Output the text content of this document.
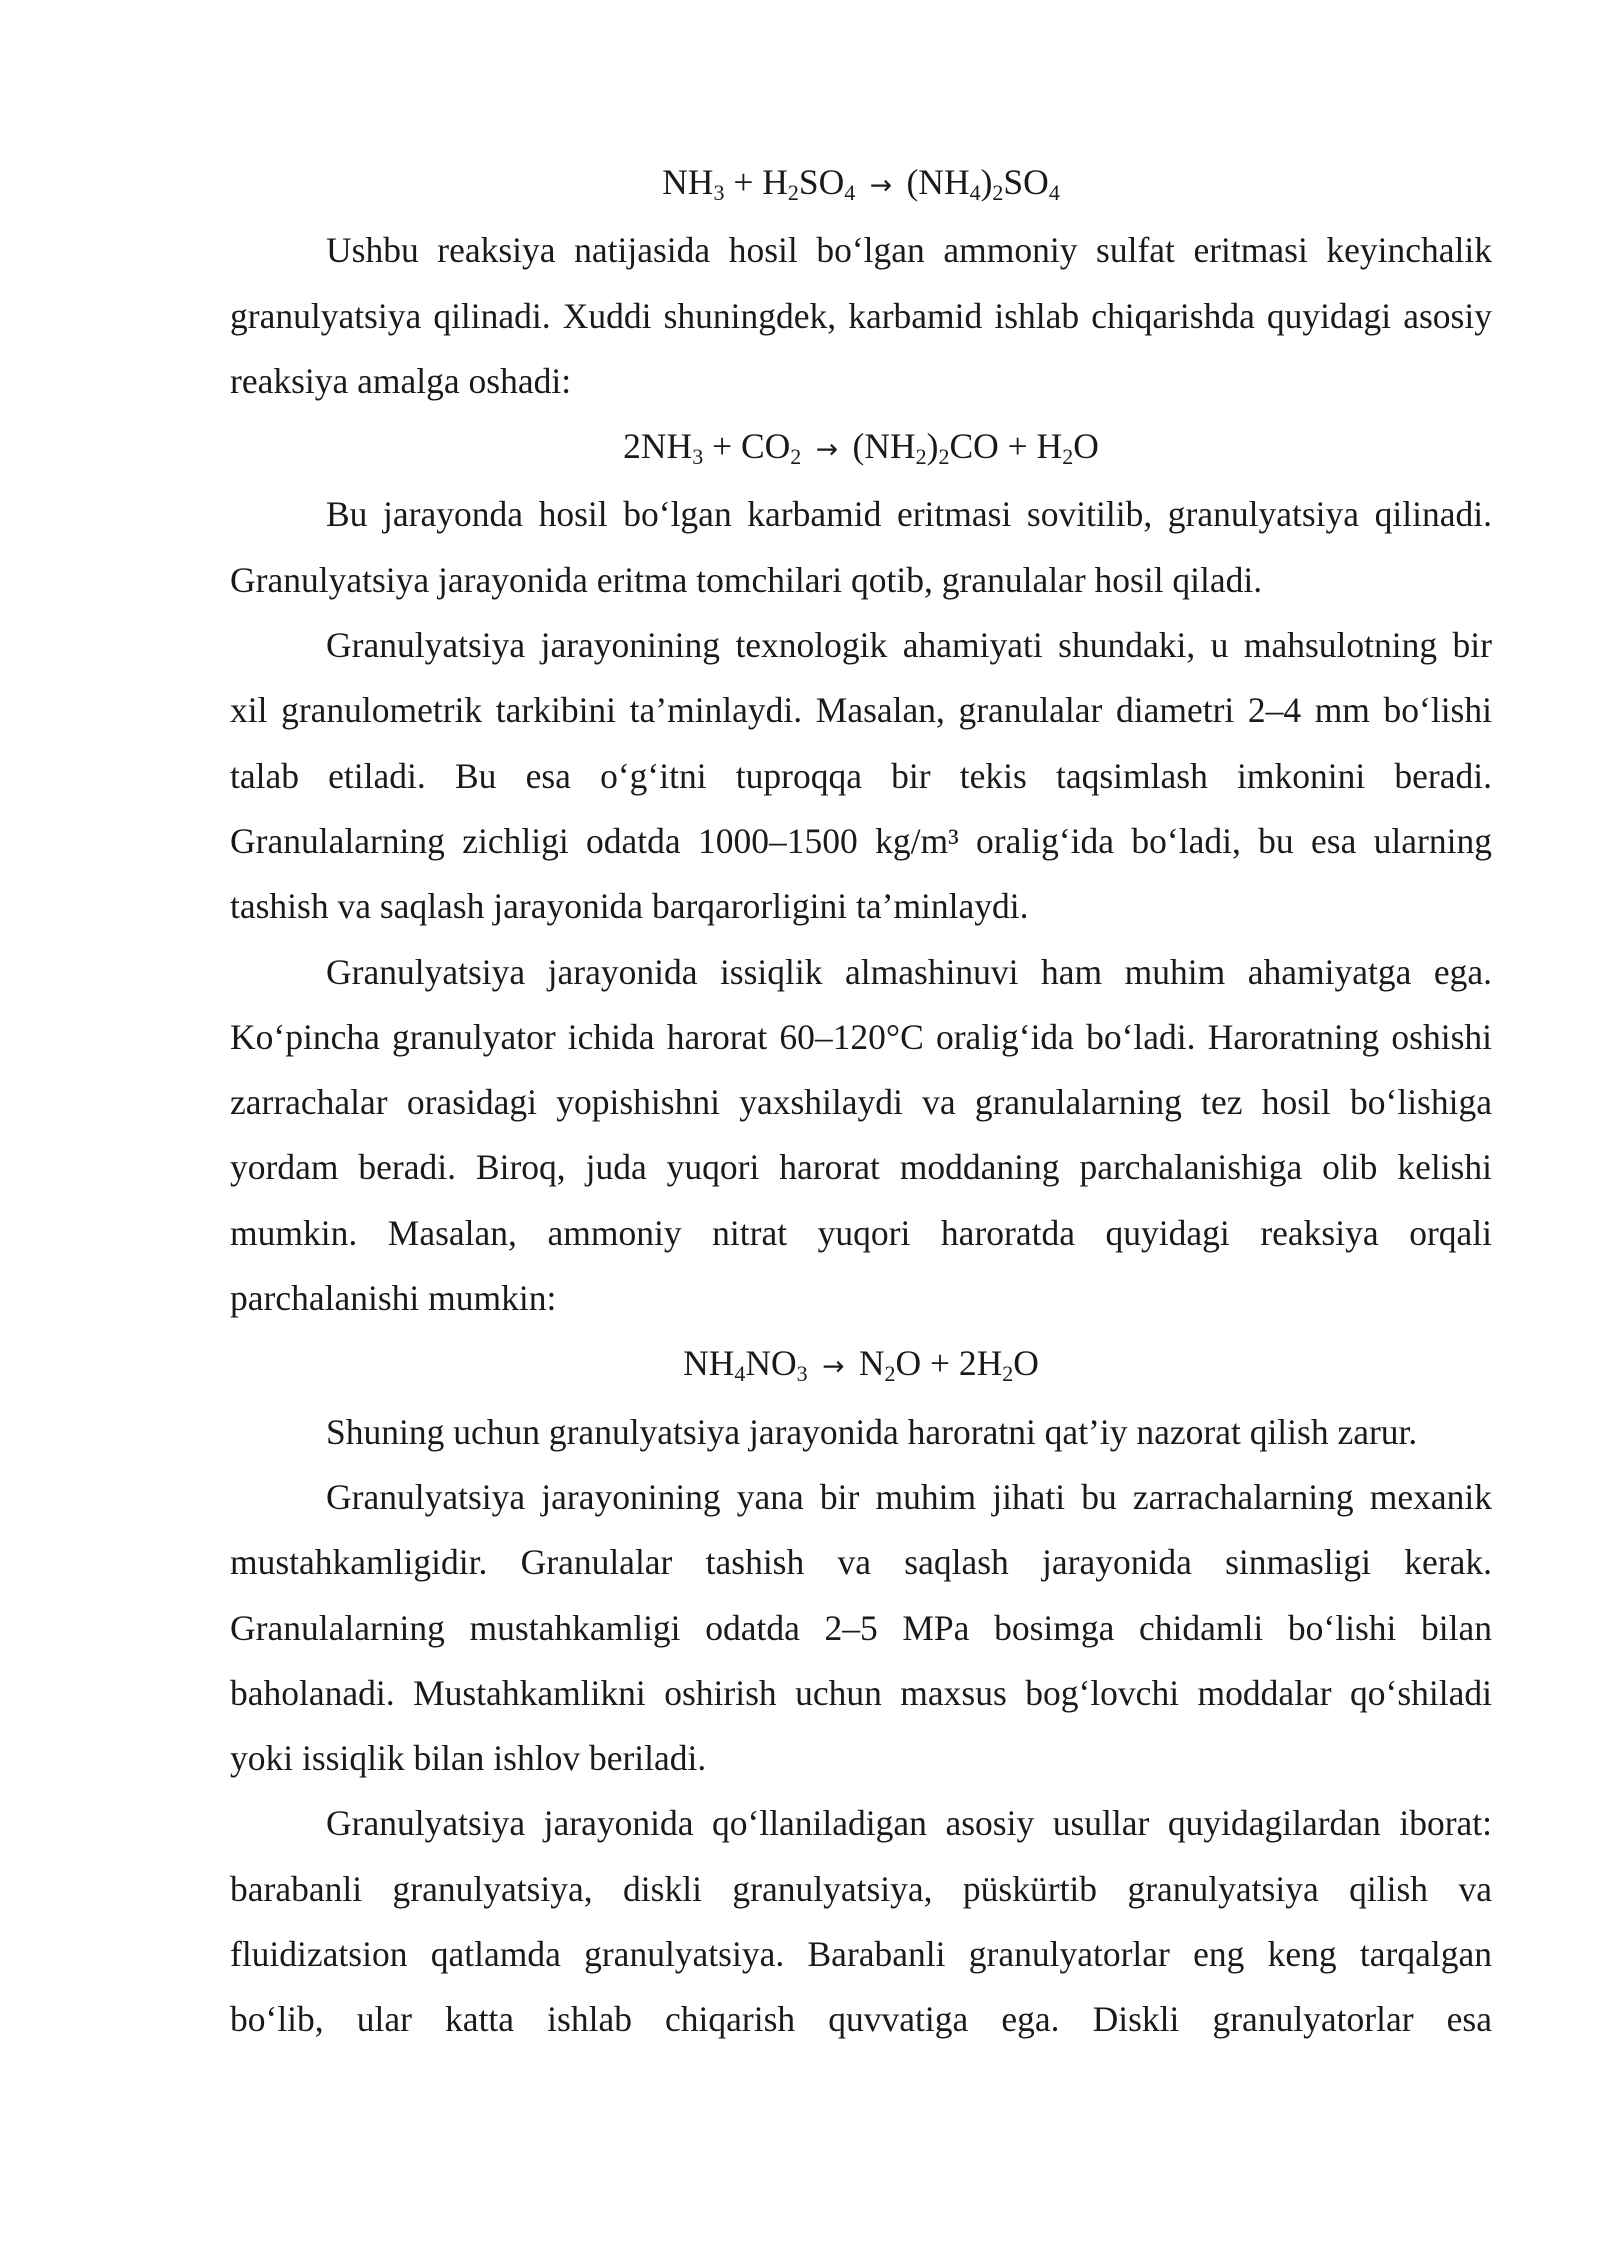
$NH_3 + H_2SO_4 \to (NH_4)_2SO_4$

Ushbu reaksiya natijasida hosil bo‘lgan ammoniy sulfat eritmasi keyinchalik granulyatsiya qilinadi. Xuddi shuningdek, karbamid ishlab chiqarishda quyidagi asosiy reaksiya amalga oshadi:

$2NH_3 + CO_2 \to (NH_2)_2CO + H_2O$

Bu jarayonda hosil bo‘lgan karbamid eritmasi sovitilib, granulyatsiya qilinadi. Granulyatsiya jarayonida eritma tomchilari qotib, granulalar hosil qiladi.

Granulyatsiya jarayonining texnologik ahamiyati shundaki, u mahsulotning bir xil granulometrik tarkibini ta’minlaydi. Masalan, granulalar diametri 2–4 mm bo‘lishi talab etiladi. Bu esa o‘g‘itni tuproqqa bir tekis taqsimlash imkonini beradi. Granulalarning zichligi odatda 1000–1500 kg/m³ oralig‘ida bo‘ladi, bu esa ularning tashish va saqlash jarayonida barqarorligini ta’minlaydi.

Granulyatsiya jarayonida issiqlik almashinuvi ham muhim ahamiyatga ega. Ko‘pincha granulyator ichida harorat 60–120°C oralig‘ida bo‘ladi. Haroratning oshishi zarrachalar orasidagi yopishishni yaxshilaydi va granulalarning tez hosil bo‘lishiga yordam beradi. Biroq, juda yuqori harorat moddaning parchalanishiga olib kelishi mumkin. Masalan, ammoniy nitrat yuqori haroratda quyidagi reaksiya orqali parchalanishi mumkin:

$NH_4NO_3 \to N_2O + 2H_2O$

Shuning uchun granulyatsiya jarayonida haroratni qat’iy nazorat qilish zarur.

Granulyatsiya jarayonining yana bir muhim jihati bu zarrachalarning mexanik mustahkamligidir. Granulalar tashish va saqlash jarayonida sinmasligi kerak. Granulalarning mustahkamligi odatda 2–5 MPa bosimga chidamli bo‘lishi bilan baholanadi. Mustahkamlikni oshirish uchun maxsus bog‘lovchi moddalar qo‘shiladi yoki issiqlik bilan ishlov beriladi.

Granulyatsiya jarayonida qo‘llaniladigan asosiy usullar quyidagilardan iborat: barabanli granulyatsiya, diskli granulyatsiya, püskürtib granulyatsiya qilish va fluidizatsion qatlamda granulyatsiya. Barabanli granulyatorlar eng keng tarqalgan bo‘lib, ular katta ishlab chiqarish quvvatiga ega. Diskli granulyatorlar esa
